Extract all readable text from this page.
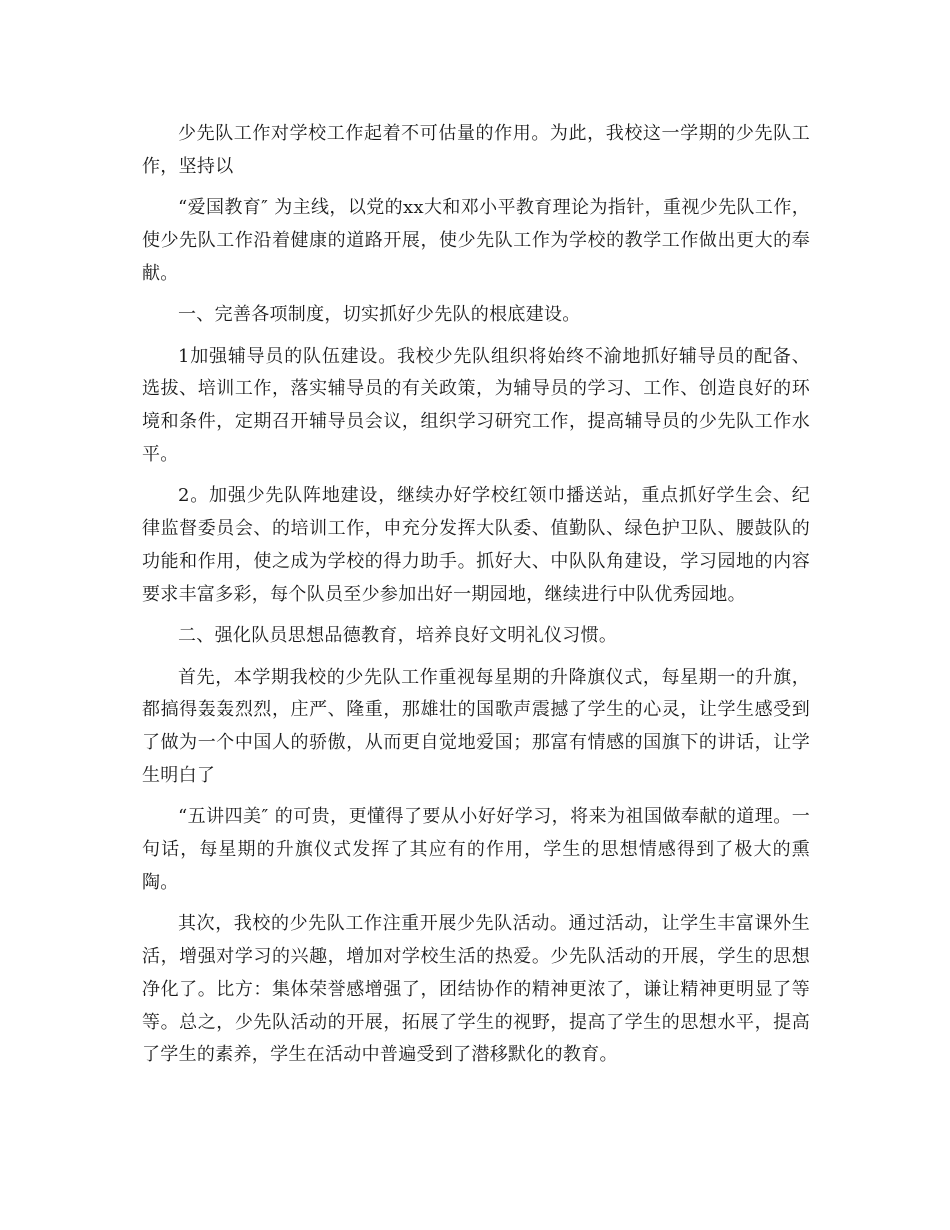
少先队工作对学校工作起着不可估量的作用。为此，我校这一学期的少先队工作，坚持以

“爱国教育″ 为主线，以党的xx大和邓小平教育理论为指针，重视少先队工作，使少先队工作沿着健康的道路开展，使少先队工作为学校的教学工作做出更大的奉献。

一、完善各项制度，切实抓好少先队的根底建设。

1加强辅导员的队伍建设。我校少先队组织将始终不渝地抓好辅导员的配备、选拔、培训工作，落实辅导员的有关政策，为辅导员的学习、工作、创造良好的环境和条件，定期召开辅导员会议，组织学习研究工作，提高辅导员的少先队工作水平。

2。加强少先队阵地建设，继续办好学校红领巾播送站，重点抓好学生会、纪律监督委员会、的培训工作，申充分发挥大队委、值勤队、绿色护卫队、腰鼓队的功能和作用，使之成为学校的得力助手。抓好大、中队队角建设，学习园地的内容要求丰富多彩，每个队员至少参加出好一期园地，继续进行中队优秀园地。

二、强化队员思想品德教育，培养良好文明礼仪习惯。

首先，本学期我校的少先队工作重视每星期的升降旗仪式，每星期一的升旗，都搞得轰轰烈烈，庄严、隆重，那雄壮的国歌声震撼了学生的心灵，让学生感受到了做为一个中国人的骄傲，从而更自觉地爱国；那富有情感的国旗下的讲话，让学生明白了

“五讲四美″ 的可贵，更懂得了要从小好好学习，将来为祖国做奉献的道理。一句话，每星期的升旗仪式发挥了其应有的作用，学生的思想情感得到了极大的熏陶。

其次，我校的少先队工作注重开展少先队活动。通过活动，让学生丰富课外生活，增强对学习的兴趣，增加对学校生活的热爱。少先队活动的开展，学生的思想净化了。比方：集体荣誉感增强了，团结协作的精神更浓了，谦让精神更明显了等等。总之，少先队活动的开展，拓展了学生的视野，提高了学生的思想水平，提高了学生的素养，学生在活动中普遍受到了潜移默化的教育。
